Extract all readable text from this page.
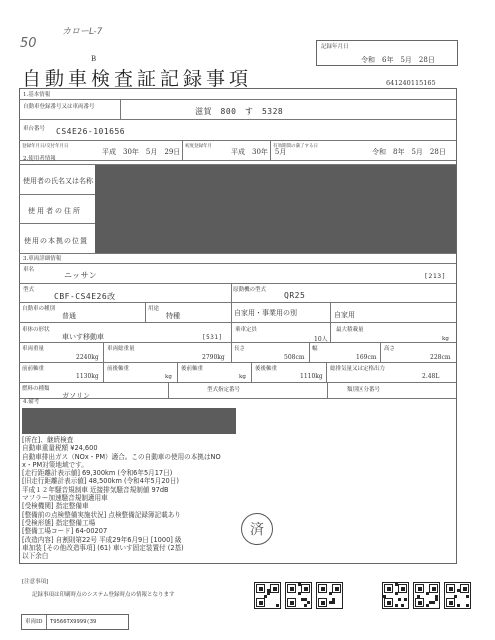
50
カローL-7
記録年月日
令和　6年　5月　28日
B
自動車検査証記録事項	641240115165
1.基本情報
自動車登録番号又は車両番号	滋賀　800　す　5328
車台番号 CS4E26-101656
登録年月日/交付年月日
平成　30年　5月　29日
初度登録年月
平成　30年　5月
有効期間の満了する日
令和　8年　5月　28日
2.使用者情報
使用者の氏名又は名称
使用者の住所
使用の本拠の位置
3.車両詳細情報
車名
ニッサン	[213]
型式
CBF-CS4E26改
原動機の型式
QR25
自動車の種別
普通
用途
特種	自家用・事業用の別	自家用
車体の形状
車いす移動車	[531]
乗車定員
10人
最大積載量
kg
車両重量
2240kg
車両総重量
2790kg
長さ
508cm
幅
169cm
高さ
228cm
前前軸重
1130kg
前後軸重
kg
後前軸重
kg
後後軸重
1110kg
総排気量又は定格出力
2.48L
燃料の種類
ガソリン
型式指定番号	類別区分番号
4.備考
[所在]、継続検査
自動車重量税額 ¥24,600
自動車排出ガス（NOx・PM）適合。この自動車の使用の本拠はNO
x・PM対策地域です。
[走行距離計表示値] 69,300km (令和6年5月17日)
[旧走行距離計表示値] 48,500km (令和4年5月20日)
平成１２年騒音規制車 近接排気騒音規制値 97dB
マフラー加速騒音規制適用車
[受検機関] 指定整備車
[整備前の点検整備実施状況] 点検整備記録簿記載あり
[受検形態] 指定整備工場
[整備工場コード] 64-00207
[改造内容] 自割則第22号 平成29年6月9日 [1000] 級
車加装 [その他改造事項] (61) 車いす固定装置付 (2基)
以下余白
済
[注意事項]
記録事項は印刷時点のシステム登録時点の情報となります
車両ID T9566TX9999(39
